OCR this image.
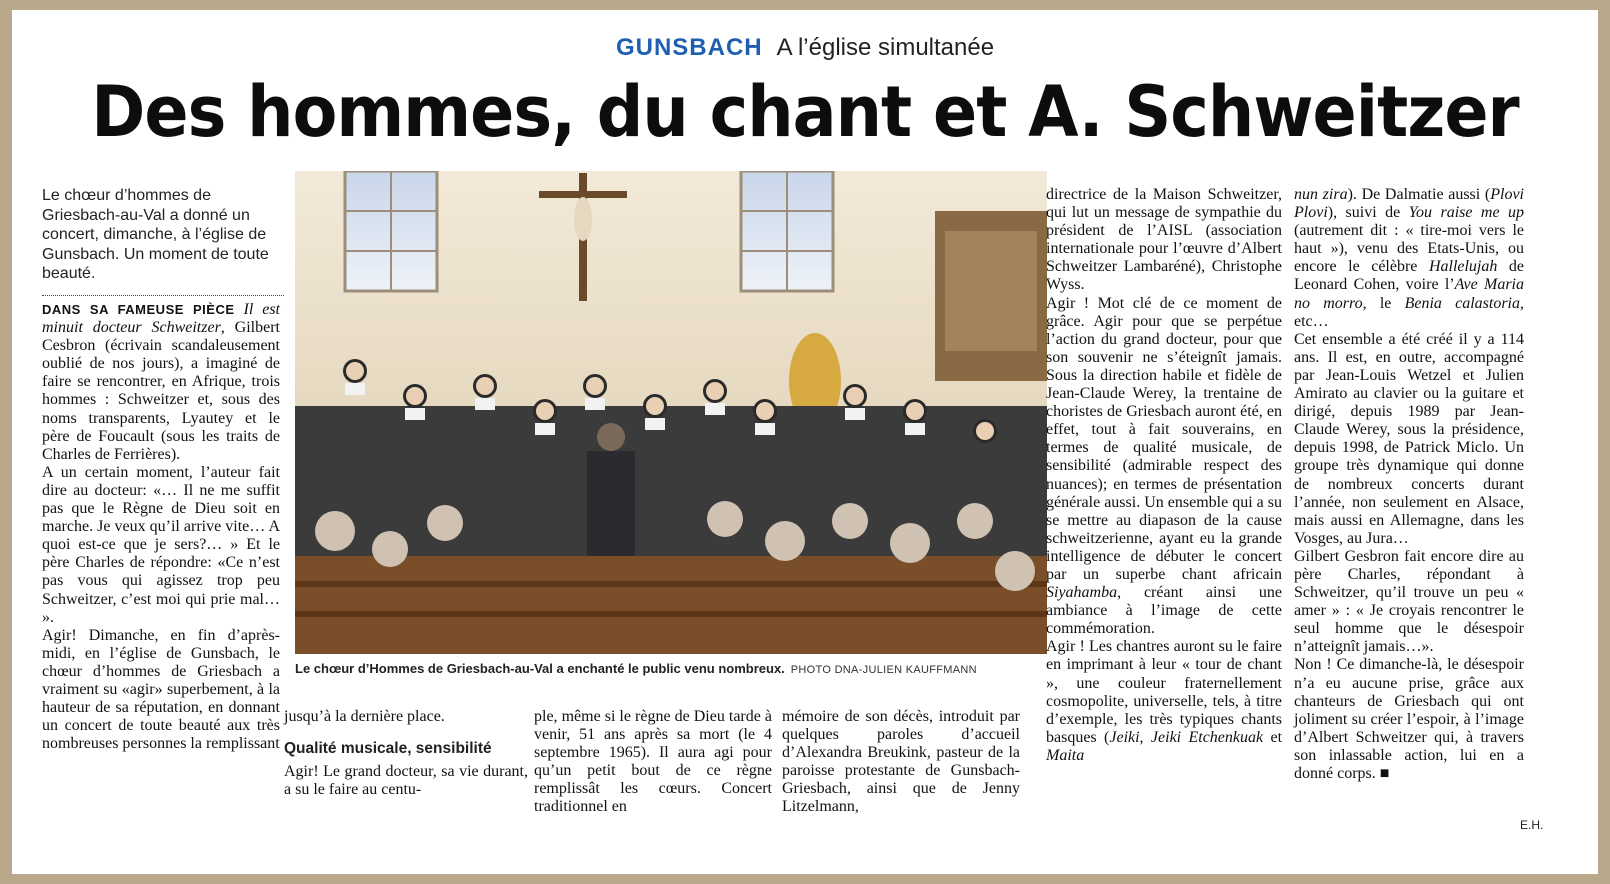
GUNSBACH A l’église simultanée
Des hommes, du chant et A. Schweitzer
Le chœur d’hommes de Griesbach-au-Val a donné un concert, dimanche, à l’église de Gunsbach. Un moment de toute beauté.

DANS SA FAMEUSE PIÈCE Il est minuit docteur Schweitzer, Gilbert Cesbron (écrivain scandaleusement oublié de nos jours), a imaginé de faire se rencontrer, en Afrique, trois hommes : Schweitzer et, sous des noms transparents, Lyautey et le père de Foucault (sous les traits de Charles de Ferrières).

A un certain moment, l’auteur fait dire au docteur: «… Il ne me suffit pas que le Règne de Dieu soit en marche. Je veux qu’il arrive vite… A quoi est-ce que je sers?… » Et le père Charles de répondre: «Ce n’est pas vous qui agissez trop peu Schweitzer, c’est moi qui prie mal… ».

Agir! Dimanche, en fin d’après-midi, en l’église de Gunsbach, le chœur d’hommes de Griesbach a vraiment su «agir» superbement, à la hauteur de sa réputation, en donnant un concert de toute beauté aux très nombreuses personnes la remplissant

Le chœur d’Hommes de Griesbach-au-Val a enchanté le public venu nombreux. PHOTO DNA-JULIEN KAUFFMANN

jusqu’à la dernière place.

Qualité musicale, sensibilité

Agir! Le grand docteur, sa vie durant, a su le faire au centu-

ple, même si le règne de Dieu tarde à venir, 51 ans après sa mort (le 4 septembre 1965). Il aura agi pour qu’un petit bout de ce règne remplissât les cœurs. Concert traditionnel en

mémoire de son décès, introduit par quelques paroles d’accueil d’Alexandra Breukink, pasteur de la paroisse protestante de Gunsbach-Griesbach, ainsi que de Jenny Litzelmann,

directrice de la Maison Schweitzer, qui lut un message de sympathie du président de l’AISL (association internationale pour l’œuvre d’Albert Schweitzer Lambaréné), Christophe Wyss.

Agir ! Mot clé de ce moment de grâce. Agir pour que se perpétue l’action du grand docteur, pour que son souvenir ne s’éteignît jamais. Sous la direction habile et fidèle de Jean-Claude Werey, la trentaine de choristes de Griesbach auront été, en effet, tout à fait souverains, en termes de qualité musicale, de sensibilité (admirable respect des nuances); en termes de présentation générale aussi. Un ensemble qui a su se mettre au diapason de la cause schweitzerienne, ayant eu la grande intelligence de débuter le concert par un superbe chant africain Siyahamba, créant ainsi une ambiance à l’image de cette commémoration.

Agir ! Les chantres auront su le faire en imprimant à leur « tour de chant », une couleur fraternellement cosmopolite, universelle, tels, à titre d’exemple, les très typiques chants basques (Jeiki, Jeiki Etchenkuak et Maita

nun zira). De Dalmatie aussi (Plovi Plovi), suivi de You raise me up (autrement dit : « tire-moi vers le haut »), venu des Etats-Unis, ou encore le célèbre Hallelujah de Leonard Cohen, voire l’Ave Maria no morro, le Benia calastoria, etc…

Cet ensemble a été créé il y a 114 ans. Il est, en outre, accompagné par Jean-Louis Wetzel et Julien Amirato au clavier ou la guitare et dirigé, depuis 1989 par Jean-Claude Werey, sous la présidence, depuis 1998, de Patrick Miclo. Un groupe très dynamique qui donne de nombreux concerts durant l’année, non seulement en Alsace, mais aussi en Allemagne, dans les Vosges, au Jura…

Gilbert Gesbron fait encore dire au père Charles, répondant à Schweitzer, qu’il trouve un peu « amer » : « Je croyais rencontrer le seul homme que le désespoir n’atteignît jamais…».

Non ! Ce dimanche-là, le désespoir n’a eu aucune prise, grâce aux chanteurs de Griesbach qui ont joliment su créer l’espoir, à l’image d’Albert Schweitzer qui, à travers son inlassable action, lui en a donné corps. ■

E.H.
